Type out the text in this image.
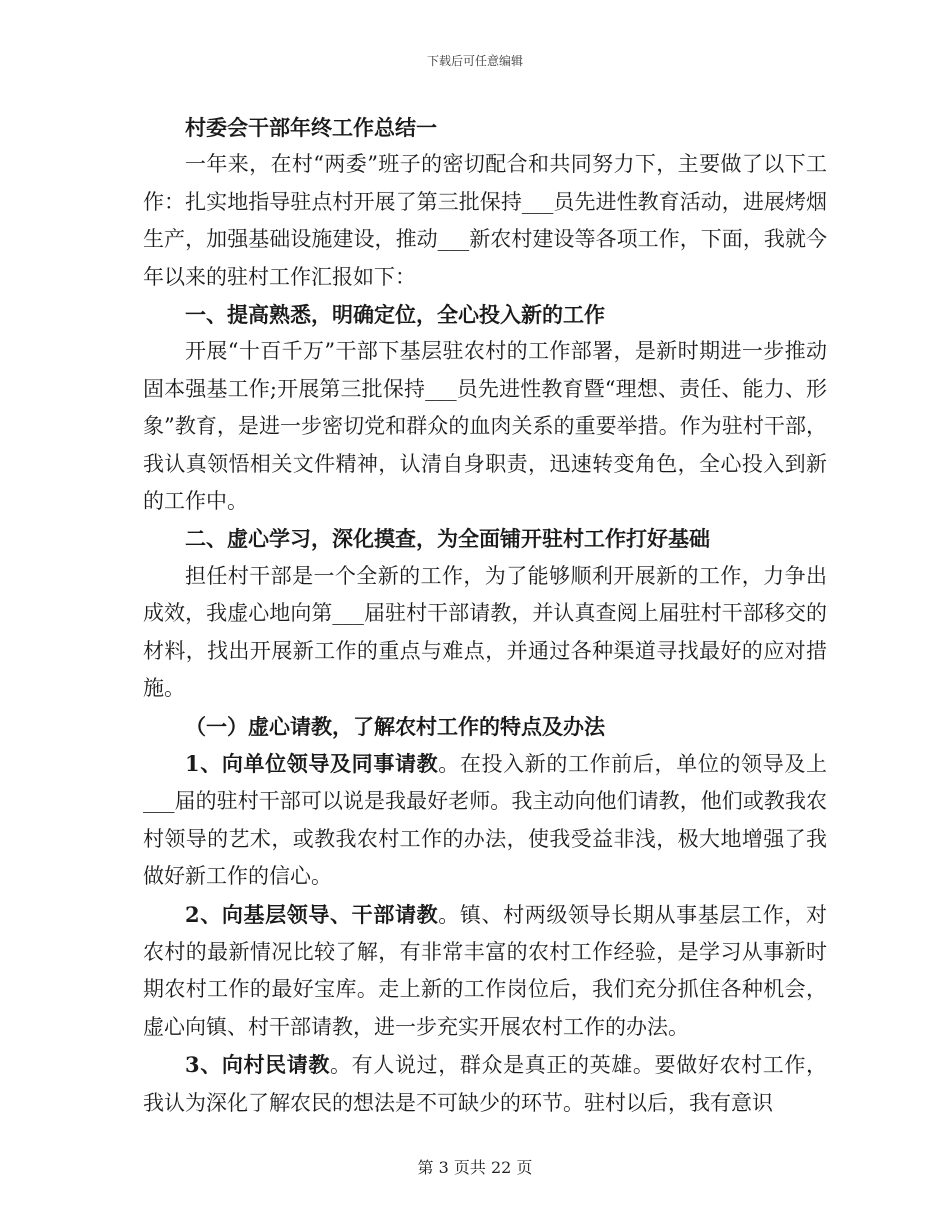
下载后可任意编辑

村委会干部年终工作总结一

一年来，在村“两委”班子的密切配合和共同努力下，主要做了以下工作：扎实地指导驻点村开展了第三批保持___员先进性教育活动，进展烤烟生产，加强基础设施建设，推动___新农村建设等各项工作，下面，我就今年以来的驻村工作汇报如下：

一、提高熟悉，明确定位，全心投入新的工作

开展“十百千万”干部下基层驻农村的工作部署，是新时期进一步推动固本强基工作;开展第三批保持___员先进性教育暨“理想、责任、能力、形象”教育，是进一步密切党和群众的血肉关系的重要举措。作为驻村干部，我认真领悟相关文件精神，认清自身职责，迅速转变角色，全心投入到新的工作中。

二、虚心学习，深化摸查，为全面铺开驻村工作打好基础

担任村干部是一个全新的工作，为了能够顺利开展新的工作，力争出成效，我虚心地向第___届驻村干部请教，并认真查阅上届驻村干部移交的材料，找出开展新工作的重点与难点，并通过各种渠道寻找最好的应对措施。

（一）虚心请教，了解农村工作的特点及办法

1、向单位领导及同事请教。在投入新的工作前后，单位的领导及上___届的驻村干部可以说是我最好老师。我主动向他们请教，他们或教我农村领导的艺术，或教我农村工作的办法，使我受益非浅，极大地增强了我做好新工作的信心。

2、向基层领导、干部请教。镇、村两级领导长期从事基层工作，对农村的最新情况比较了解，有非常丰富的农村工作经验，是学习从事新时期农村工作的最好宝库。走上新的工作岗位后，我们充分抓住各种机会，虚心向镇、村干部请教，进一步充实开展农村工作的办法。

3、向村民请教。有人说过，群众是真正的英雄。要做好农村工作，我认为深化了解农民的想法是不可缺少的环节。驻村以后，我有意识

第 3 页共 22 页
